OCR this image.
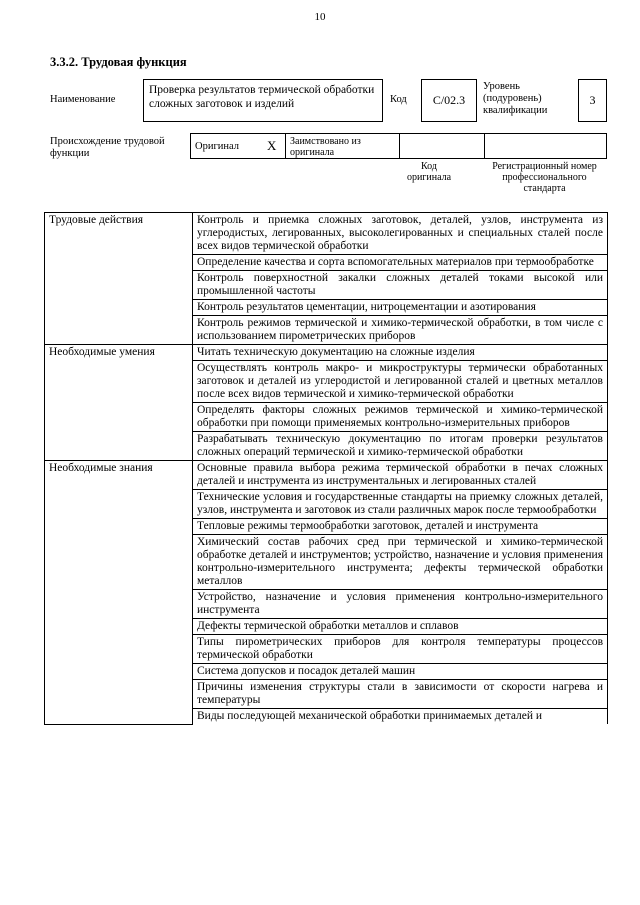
10
3.3.2. Трудовая функция
Наименование
Проверка результатов термической обработки сложных заготовок и изделий	Код	C/02.3
Уровень (подуровень) квалификации
3
Происхождение трудовой функции
Оригинал X	Заимствовано из оригинала
Код оригинала
Регистрационный номер профессионального стандарта
Трудовые действия	Контроль и приемка сложных заготовок, деталей, узлов, инструмента из углеродистых, легированных, высоколегированных и специальных сталей после всех видов термической обработки
	Определение качества и сорта вспомогательных материалов при термообработке
	Контроль поверхностной закалки сложных деталей токами высокой или промышленной частоты
	Контроль результатов цементации, нитроцементации и азотирования
	Контроль режимов термической и химико-термической обработки, в том числе с использованием пирометрических приборов
Необходимые умения	Читать техническую документацию на сложные изделия
	Осуществлять контроль макро- и микроструктуры термически обработанных заготовок и деталей из углеродистой и легированной сталей и цветных металлов после всех видов термической и химико-термической обработки
	Определять факторы сложных режимов термической и химико-термической обработки при помощи применяемых контрольно-измерительных приборов
	Разрабатывать техническую документацию по итогам проверки результатов сложных операций термической и химико-термической обработки
Необходимые знания	Основные правила выбора режима термической обработки в печах сложных деталей и инструмента из инструментальных и легированных сталей
	Технические условия и государственные стандарты на приемку сложных деталей, узлов, инструмента и заготовок из стали различных марок после термообработки
	Тепловые режимы термообработки заготовок, деталей и инструмента
	Химический состав рабочих сред при термической и химико-термической обработке деталей и инструментов; устройство, назначение и условия применения контрольно-измерительного инструмента; дефекты термической обработки металлов
	Устройство, назначение и условия применения контрольно-измерительного инструмента
	Дефекты термической обработки металлов и сплавов
	Типы пирометрических приборов для контроля температуры процессов термической обработки
	Система допусков и посадок деталей машин
	Причины изменения структуры стали в зависимости от скорости нагрева и температуры
	Виды последующей механической обработки принимаемых деталей и
